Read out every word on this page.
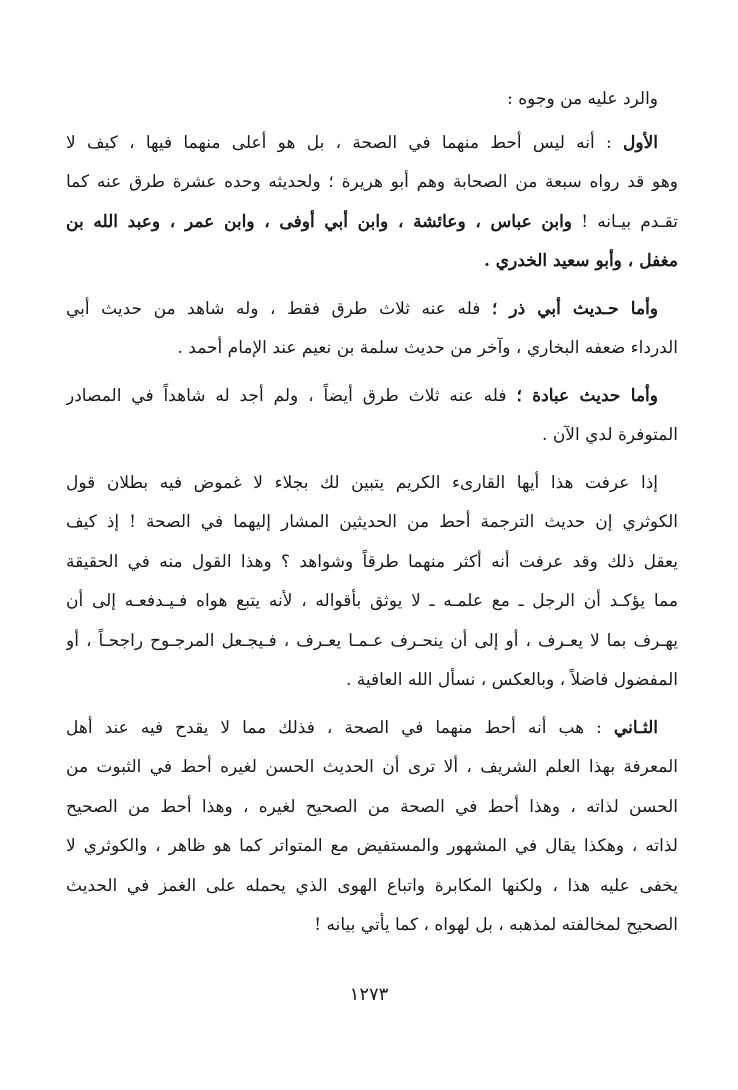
والرد عليه من وجوه :
الأول : أنه ليس أحط منهما في الصحة ، بل هو أعلى منهما فيها ، كيف لا
وهو قد رواه سبعة من الصحابة وهم أبو هريرة ؛ ولحديثه وحده عشرة طرق عنه كما
تقـدم بيـانه ! وابن عباس ، وعائشة ، وابن أبي أوفى ، وابن عمر ، وعبد الله بن
مغفل ، وأبو سعيد الخدري .
وأما حـديث أبي ذر ؛ فله عنه ثلاث طرق فقط ، وله شاهد من حديث أبي
الدرداء ضعفه البخاري ، وآخر من حديث سلمة بن نعيم عند الإمام أحمد .
وأما حديث عبادة ؛ فله عنه ثلاث طرق أيضاً ، ولم أجد له شاهداً في المصادر
المتوفرة لدي الآن .
إذا عرفت هذا أيها القارىء الكريم يتبين لك بجلاء لا غموض فيه بطلان قول
الكوثري إن حديث الترجمة أحط من الحديثين المشار إليهما في الصحة ! إذ كيف
يعقل ذلك وقد عرفت أنه أكثر منهما طرقاً وشواهد ؟ وهذا القول منه في الحقيقة
مما يؤكـد أن الرجل ـ مع علمـه ـ لا يوثق بأقواله ، لأنه يتبع هواه فـيـدفعـه إلى أن
يهـرف بما لا يعـرف ، أو إلى أن ينحـرف عـمـا يعـرف ، فـيجـعل المرجـوح راجحـاً ، أو
المفضول فاضلاً ، وبالعكس ، نسأل الله العافية .
الثـاني : هب أنه أحط منهما في الصحة ، فذلك مما لا يقدح فيه عند أهل
المعرفة بهذا العلم الشريف ، ألا ترى أن الحديث الحسن لغيره أحط في الثبوت من
الحسن لذاته ، وهذا أحط في الصحة من الصحيح لغيره ، وهذا أحط من الصحيح
لذاته ، وهكذا يقال في المشهور والمستفيض مع المتواتر كما هو ظاهر ، والكوثري لا
يخفى عليه هذا ، ولكنها المكابرة واتباع الهوى الذي يحمله على الغمز في الحديث
الصحيح لمخالفته لمذهبه ، بل لهواه ، كما يأتي بيانه !
١٢٧٣
